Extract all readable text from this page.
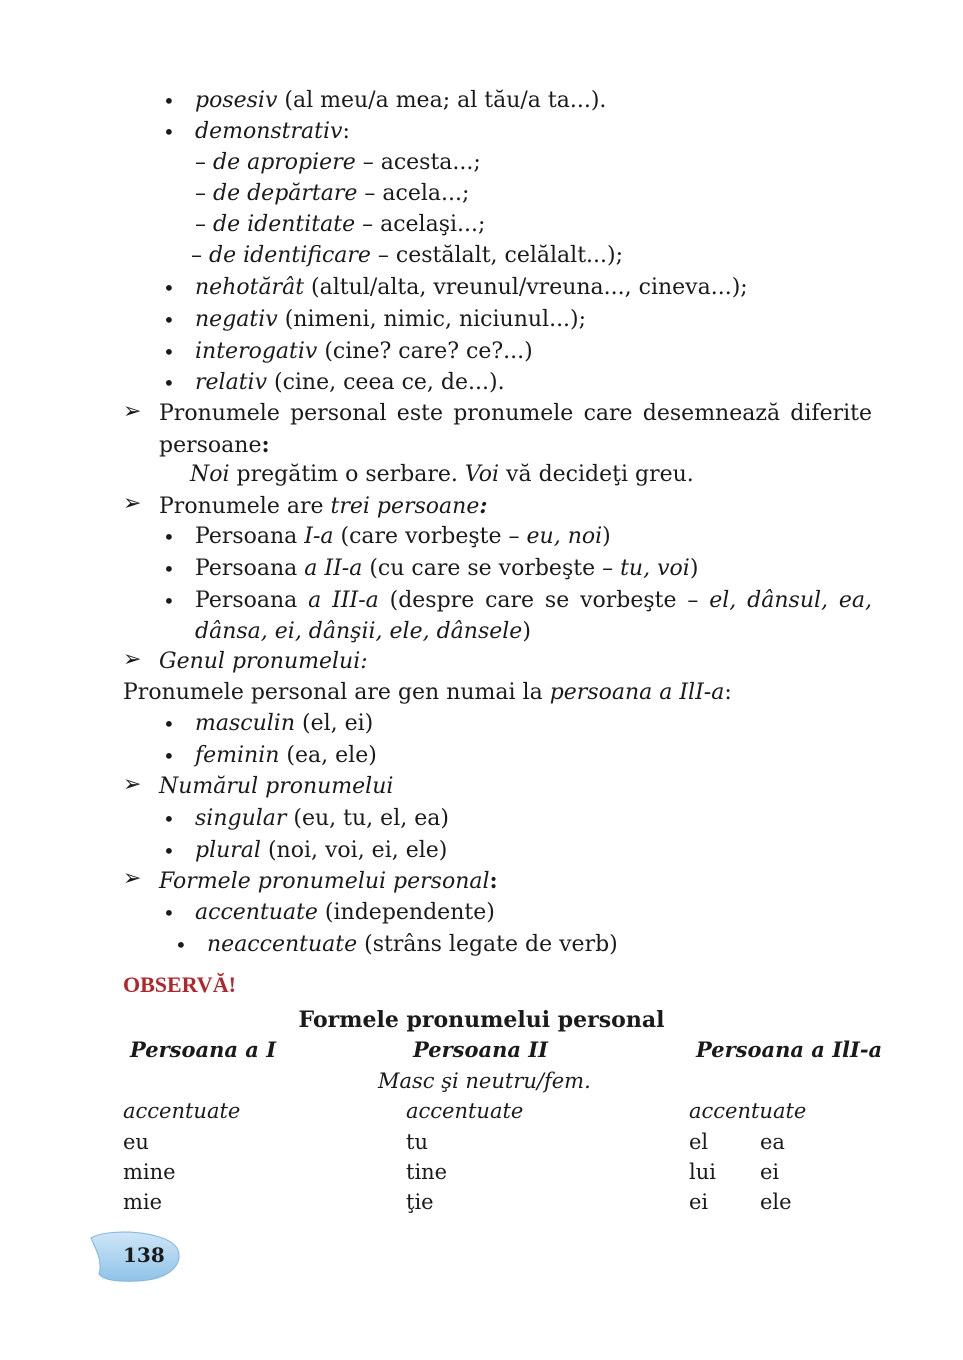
• posesiv (al meu/a mea; al tău/a ta...).
• demonstrativ:
– de apropiere – acesta...;
– de depărtare – acela...;
– de identitate – acelaşi...;
– de identificare – cestălalt, celălalt...);
• nehotărât (altul/alta, vreunul/vreuna..., cineva...);
• negativ (nimeni, nimic, niciunul...);
• interogativ (cine? care? ce?...)
• relativ (cine, ceea ce, de...).
➢ Pronumele personal este pronumele care desemnează diferite
persoane:
Noi pregătim o serbare. Voi vă decideţi greu.
➢ Pronumele are trei persoane:
• Persoana I-a (care vorbeşte – eu, noi)
• Persoana a II-a (cu care se vorbeşte – tu, voi)
• Persoana a III-a (despre care se vorbeşte – el, dânsul, ea,
dânsa, ei, dânşii, ele, dânsele)
➢ Genul pronumelui:
Pronumele personal are gen numai la persoana a IlI-a:
• masculin (el, ei)
• feminin (ea, ele)
➢ Numărul pronumelui
• singular (eu, tu, el, ea)
• plural (noi, voi, ei, ele)
➢ Formele pronumelui personal:
• accentuate (independente)
• neaccentuate (strâns legate de verb)
OBSERVĂ!
Formele pronumelui personal
Persoana a I	Persoana II	Persoana a IlI-a
Masc şi neutru/fem.
accentuate	accentuate	accentuate
eu	tu	el ea
mine	tine	lui ei
mie	ţie	ei ele
138
